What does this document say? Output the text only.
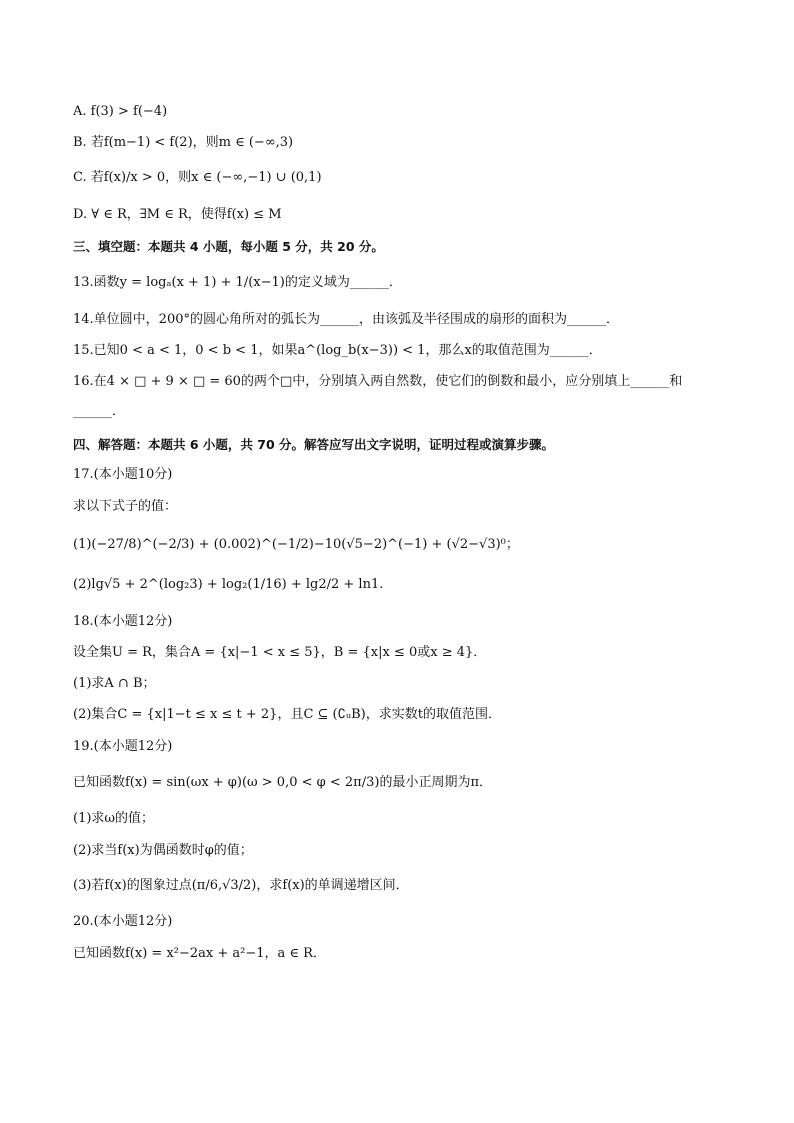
A. f(3) > f(−4)
B. 若f(m−1) < f(2)，则m ∈ (−∞,3)
C. 若f(x)/x > 0，则x ∈ (−∞,−1) ∪ (0,1)
D. ∀ ∈ R，∃M ∈ R，使得f(x) ≤ M
三、填空题：本题共 4 小题，每小题 5 分，共 20 分。
13.函数y = logₐ(x + 1) + 1/(x−1)的定义域为______．
14.单位圆中，200°的圆心角所对的弧长为______，由该弧及半径围成的扇形的面积为______．
15.已知0 < a < 1，0 < b < 1，如果a^(log_b(x−3)) < 1，那么x的取值范围为______．
16.在4 × □ + 9 × □ = 60的两个□中，分别填入两自然数，使它们的倒数和最小，应分别填上______和
______．
四、解答题：本题共 6 小题，共 70 分。解答应写出文字说明，证明过程或演算步骤。
17.(本小题10分)
求以下式子的值：
(1)(−27/8)^(−2/3) + (0.002)^(−1/2)−10(√5−2)^(−1) + (√2−√3)⁰；
(2)lg√5 + 2^(log₂3) + log₂(1/16) + lg2/2 + ln1.
18.(本小题12分)
设全集U = R，集合A = {x|−1 < x ≤ 5}，B = {x|x ≤ 0或x ≥ 4}．
(1)求A ∩ B；
(2)集合C = {x|1−t ≤ x ≤ t + 2}，且C ⊆ (∁ᵤB)，求实数t的取值范围．
19.(本小题12分)
已知函数f(x) = sin(ωx + φ)(ω > 0,0 < φ < 2π/3)的最小正周期为π．
(1)求ω的值；
(2)求当f(x)为偶函数时φ的值；
(3)若f(x)的图象过点(π/6,√3/2)，求f(x)的单调递增区间．
20.(本小题12分)
已知函数f(x) = x²−2ax + a²−1，a ∈ R．
